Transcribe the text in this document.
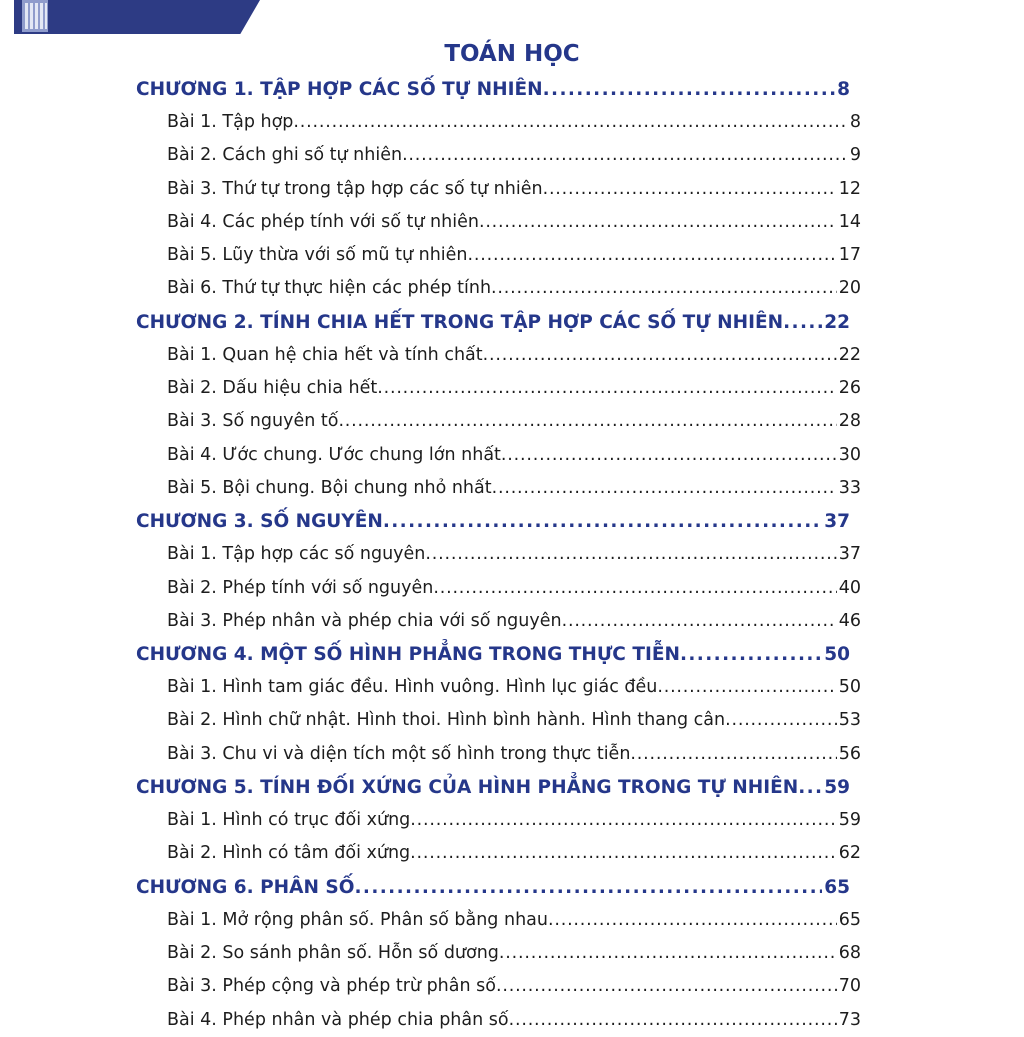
TOÁN HỌC
CHƯƠNG 1. TẬP HỢP CÁC SỐ TỰ NHIÊN .....	8
Bài 1. Tập hợp .....	8
Bài 2. Cách ghi số tự nhiên .....	9
Bài 3. Thứ tự trong tập hợp các số tự nhiên .....	12
Bài 4. Các phép tính với số tự nhiên .....	14
Bài 5. Lũy thừa với số mũ tự nhiên .....	17
Bài 6. Thứ tự thực hiện các phép tính .....	20
CHƯƠNG 2. TÍNH CHIA HẾT TRONG TẬP HỢP CÁC SỐ TỰ NHIÊN ..... 22
Bài 1. Quan hệ chia hết và tính chất .....	22
Bài 2. Dấu hiệu chia hết .....	26
Bài 3. Số nguyên tố .....	28
Bài 4. Ước chung. Ước chung lớn nhất .....	30
Bài 5. Bội chung. Bội chung nhỏ nhất .....	33
CHƯƠNG 3. SỐ NGUYÊN .....	37
Bài 1. Tập hợp các số nguyên .....	37
Bài 2. Phép tính với số nguyên .....	40
Bài 3. Phép nhân và phép chia với số nguyên .....	46
CHƯƠNG 4. MỘT SỐ HÌNH PHẲNG TRONG THỰC TIỄN .....	50
Bài 1. Hình tam giác đều. Hình vuông. Hình lục giác đều .....	50
Bài 2. Hình chữ nhật. Hình thoi. Hình bình hành. Hình thang cân .....	53
Bài 3. Chu vi và diện tích một số hình trong thực tiễn .....	56
CHƯƠNG 5. TÍNH ĐỐI XỨNG CỦA HÌNH PHẲNG TRONG TỰ NHIÊN ..... 59
Bài 1. Hình có trục đối xứng .....	59
Bài 2. Hình có tâm đối xứng .....	62
CHƯƠNG 6. PHÂN SỐ .....	65
Bài 1. Mở rộng phân số. Phân số bằng nhau .....	65
Bài 2. So sánh phân số. Hỗn số dương .....	68
Bài 3. Phép cộng và phép trừ phân số .....	70
Bài 4. Phép nhân và phép chia phân số .....	73
